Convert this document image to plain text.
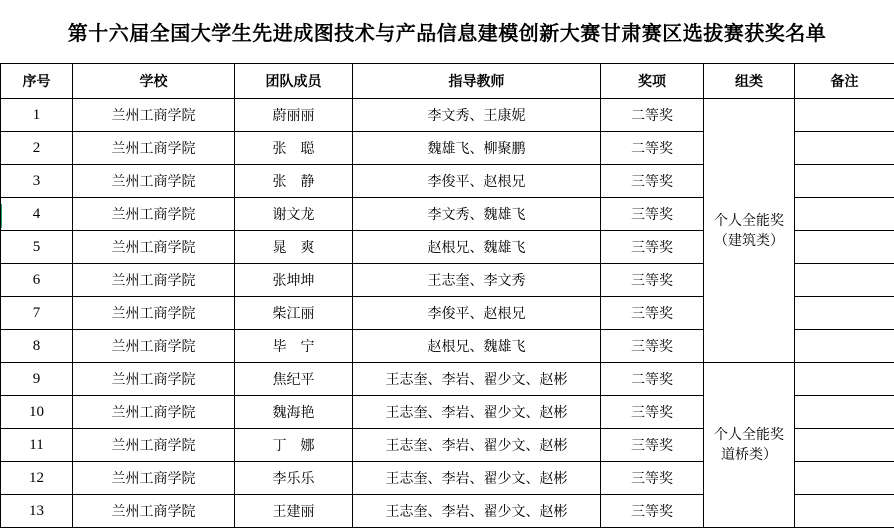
第十六届全国大学生先进成图技术与产品信息建模创新大赛甘肃赛区选拔赛获奖名单
序号	学校	团队成员	指导教师	奖项	组类	备注
1	兰州工商学院	蔚丽丽	李文秀、王康妮	二等奖	个人全能奖
（建筑类）	
2	兰州工商学院	张　聪	魏雄飞、柳聚鹏	二等奖		
3	兰州工商学院	张　静	李俊平、赵根兄	三等奖		
4	兰州工商学院	谢文龙	李文秀、魏雄飞	三等奖		
5	兰州工商学院	晁　爽	赵根兄、魏雄飞	三等奖		
6	兰州工商学院	张坤坤	王志奎、李文秀	三等奖		
7	兰州工商学院	柴江丽	李俊平、赵根兄	三等奖		
8	兰州工商学院	毕　宁	赵根兄、魏雄飞	三等奖		
9	兰州工商学院	焦纪平	王志奎、李岩、翟少文、赵彬	二等奖	个人全能奖
道桥类）	
10	兰州工商学院	魏海艳	王志奎、李岩、翟少文、赵彬	三等奖		
11	兰州工商学院	丁　娜	王志奎、李岩、翟少文、赵彬	三等奖		
12	兰州工商学院	李乐乐	王志奎、李岩、翟少文、赵彬	三等奖		
13	兰州工商学院	王建丽	王志奎、李岩、翟少文、赵彬	三等奖		
